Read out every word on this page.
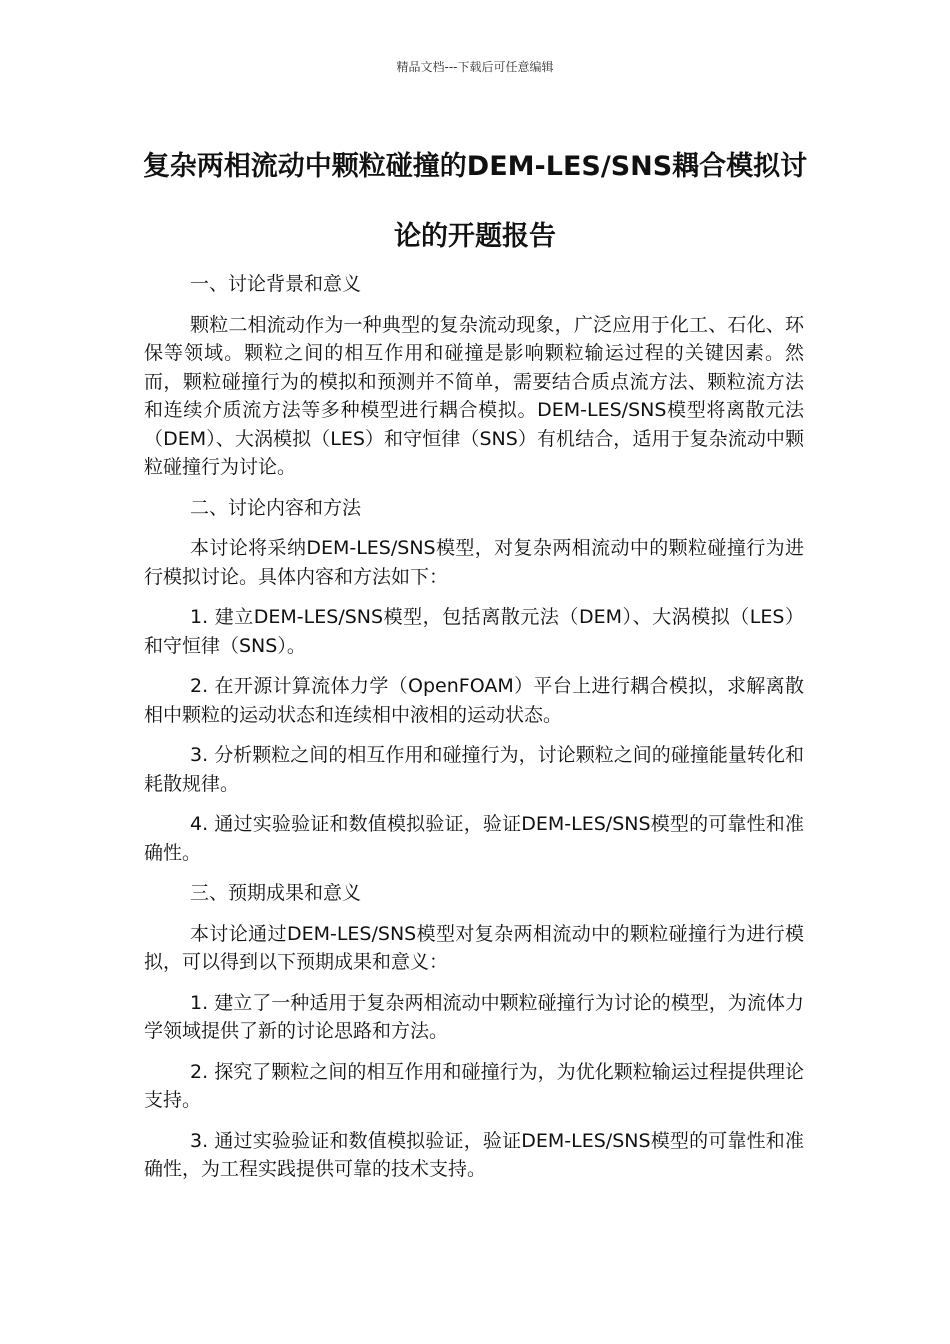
精品文档---下载后可任意编辑
复杂两相流动中颗粒碰撞的DEM-LES/SNS耦合模拟讨论的开题报告

一、讨论背景和意义

颗粒二相流动作为一种典型的复杂流动现象，广泛应用于化工、石化、环保等领域。颗粒之间的相互作用和碰撞是影响颗粒输运过程的关键因素。然而，颗粒碰撞行为的模拟和预测并不简单，需要结合质点流方法、颗粒流方法和连续介质流方法等多种模型进行耦合模拟。DEM-LES/SNS模型将离散元法（DEM）、大涡模拟（LES）和守恒律（SNS）有机结合，适用于复杂流动中颗粒碰撞行为讨论。

二、讨论内容和方法

本讨论将采纳DEM-LES/SNS模型，对复杂两相流动中的颗粒碰撞行为进行模拟讨论。具体内容和方法如下：

1. 建立DEM-LES/SNS模型，包括离散元法（DEM）、大涡模拟（LES）和守恒律（SNS）。

2. 在开源计算流体力学（OpenFOAM）平台上进行耦合模拟，求解离散相中颗粒的运动状态和连续相中液相的运动状态。

3. 分析颗粒之间的相互作用和碰撞行为，讨论颗粒之间的碰撞能量转化和耗散规律。

4. 通过实验验证和数值模拟验证，验证DEM-LES/SNS模型的可靠性和准确性。

三、预期成果和意义

本讨论通过DEM-LES/SNS模型对复杂两相流动中的颗粒碰撞行为进行模拟，可以得到以下预期成果和意义：

1. 建立了一种适用于复杂两相流动中颗粒碰撞行为讨论的模型，为流体力学领域提供了新的讨论思路和方法。

2. 探究了颗粒之间的相互作用和碰撞行为，为优化颗粒输运过程提供理论支持。

3. 通过实验验证和数值模拟验证，验证DEM-LES/SNS模型的可靠性和准确性，为工程实践提供可靠的技术支持。
